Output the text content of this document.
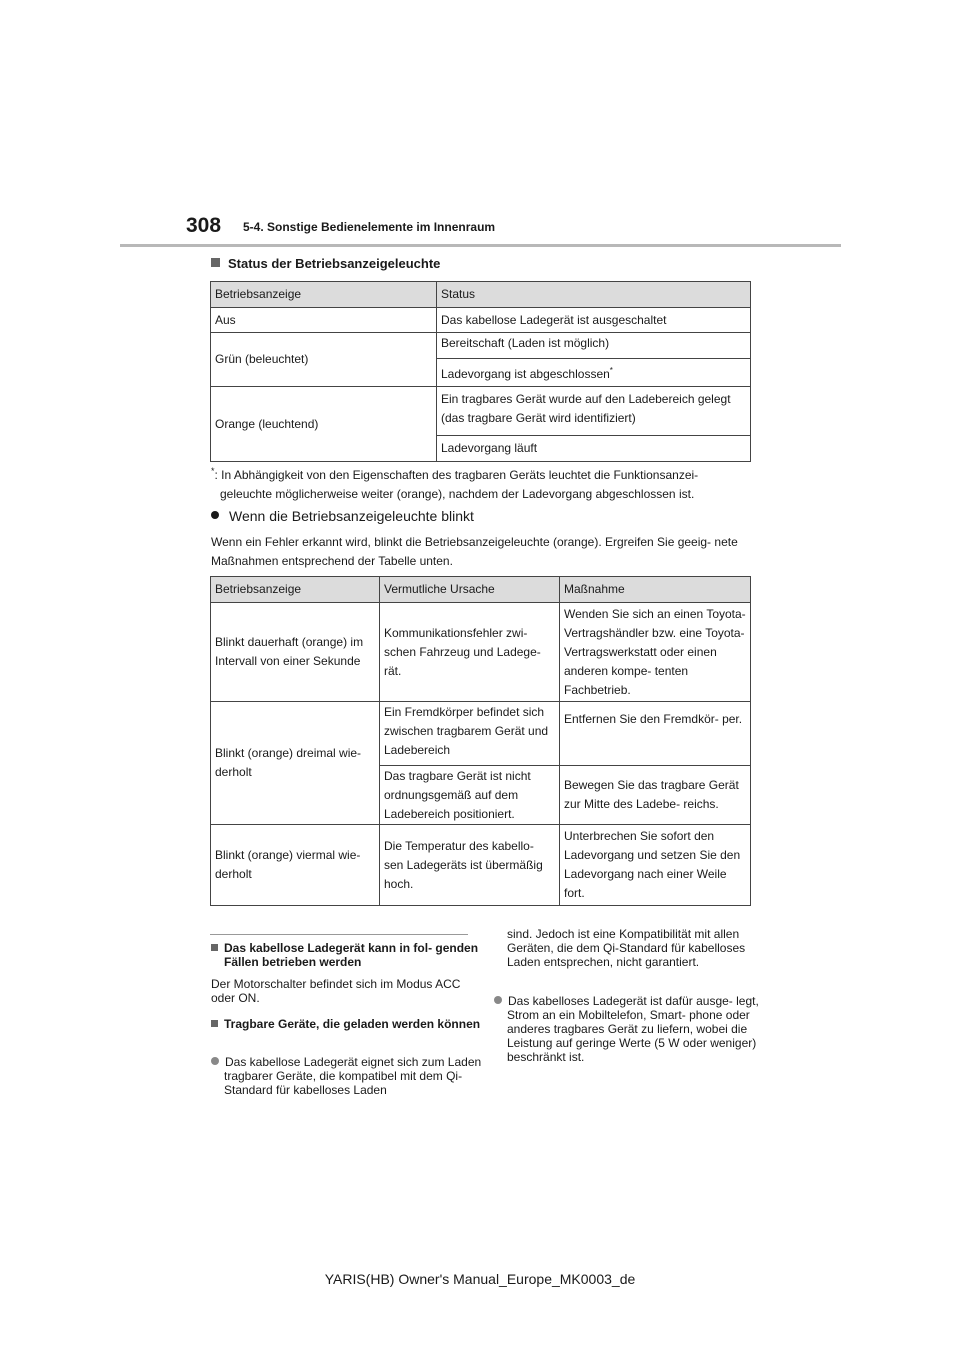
308 5-4. Sonstige Bedienelemente im Innenraum
Status der Betriebsanzeigeleuchte
Betriebsanzeige	Status
Aus	Das kabellose Ladegerät ist ausgeschaltet
Grün (beleuchtet)	Bereitschaft (Laden ist möglich)
	Ladevorgang ist abgeschlossen*
Orange (leuchtend)	Ein tragbares Gerät wurde auf den Ladebereich gelegt (das tragbare Gerät wird identifiziert)
	Ladevorgang läuft
*: In Abhängigkeit von den Eigenschaften des tragbaren Geräts leuchtet die Funktionsanzei-
geleuchte möglicherweise weiter (orange), nachdem der Ladevorgang abgeschlossen ist.
Wenn die Betriebsanzeigeleuchte blinkt
Wenn ein Fehler erkannt wird, blinkt die Betriebsanzeigeleuchte (orange). Ergreifen Sie geeig- nete Maßnahmen entsprechend der Tabelle unten.
Betriebsanzeige	Vermutliche Ursache	Maßnahme
Blinkt dauerhaft (orange) im Intervall von einer Sekunde	Kommunikationsfehler zwi- schen Fahrzeug und Ladege- rät.	Wenden Sie sich an einen Toyota-Vertragshändler bzw. eine Toyota-Vertragswerkstatt oder einen anderen kompe- tenten Fachbetrieb.
Blinkt (orange) dreimal wie- derholt	Ein Fremdkörper befindet sich zwischen tragbarem Gerät und Ladebereich	Entfernen Sie den Fremdkör- per.
	Das tragbare Gerät ist nicht ordnungsgemäß auf dem Ladebereich positioniert.	Bewegen Sie das tragbare Gerät zur Mitte des Ladebe- reichs.
Blinkt (orange) viermal wie- derholt	Die Temperatur des kabello- sen Ladegeräts ist übermäßig hoch.	Unterbrechen Sie sofort den Ladevorgang und setzen Sie den Ladevorgang nach einer Weile fort.
Das kabellose Ladegerät kann in fol- genden Fällen betrieben werden
Der Motorschalter befindet sich im Modus ACC oder ON.
Tragbare Geräte, die geladen werden können
Das kabellose Ladegerät eignet sich zum Laden tragbarer Geräte, die kompatibel mit dem Qi-Standard für kabelloses Laden
sind. Jedoch ist eine Kompatibilität mit allen Geräten, die dem Qi-Standard für kabelloses Laden entsprechen, nicht garantiert.
Das kabelloses Ladegerät ist dafür ausge- legt, Strom an ein Mobiltelefon, Smart- phone oder anderes tragbares Gerät zu liefern, wobei die Leistung auf geringe Werte (5 W oder weniger) beschränkt ist.
YARIS(HB) Owner's Manual_Europe_MK0003_de
